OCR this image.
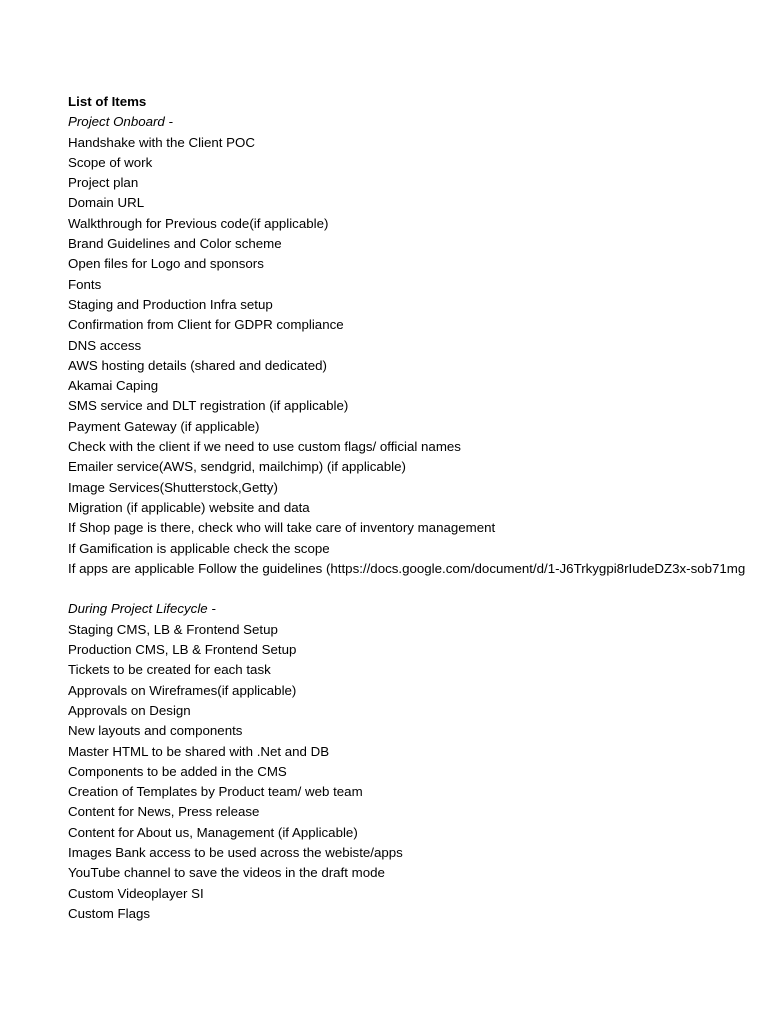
List of Items
Project Onboard -
Handshake with the Client POC
Scope of work
Project plan
Domain URL
Walkthrough for Previous code(if applicable)
Brand Guidelines and Color scheme
Open files for Logo and sponsors
Fonts
Staging and Production Infra setup
Confirmation from Client for GDPR compliance
DNS access
AWS hosting details (shared and dedicated)
Akamai Caping
SMS service and DLT registration (if applicable)
Payment Gateway (if applicable)
Check with the client if we need to use custom flags/ official names
Emailer service(AWS, sendgrid, mailchimp) (if applicable)
Image Services(Shutterstock,Getty)
Migration (if applicable) website and data
If Shop page is there, check who will take care of inventory management
If Gamification is applicable check the scope
If apps are applicable Follow the guidelines (https://docs.google.com/document/d/1-J6Trkygpi8rIudeDZ3x-sob71mg
During Project Lifecycle -
Staging CMS, LB & Frontend Setup
Production CMS, LB & Frontend Setup
Tickets to be created for each task
Approvals on Wireframes(if applicable)
Approvals on Design
New layouts and components
Master HTML to be shared with .Net and DB
Components to be added in the CMS
Creation of Templates by Product team/ web team
Content for News, Press release
Content for About us, Management (if Applicable)
Images Bank access to be used across the webiste/apps
YouTube channel to save the videos in the draft mode
Custom Videoplayer SI
Custom Flags
